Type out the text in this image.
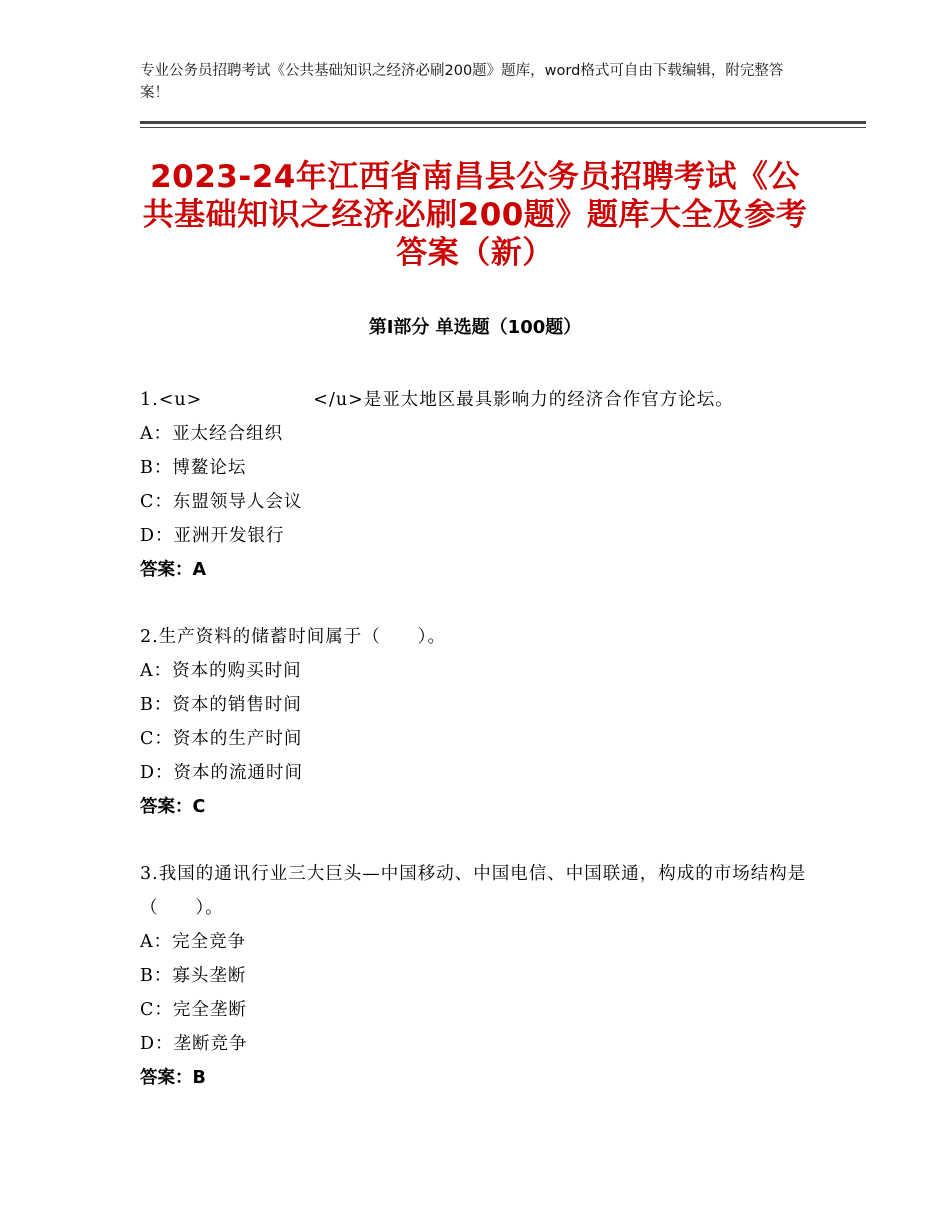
专业公务员招聘考试《公共基础知识之经济必刷200题》题库，word格式可自由下载编辑，附完整答案！
2023-24年江西省南昌县公务员招聘考试《公共基础知识之经济必刷200题》题库大全及参考答案（新）
第Ⅰ部分 单选题（100题）

1.<u>　　　　　　</u>是亚太地区最具影响力的经济合作官方论坛。

A：亚太经合组织

B：博鳌论坛

C：东盟领导人会议

D：亚洲开发银行

答案：A

2.生产资料的储蓄时间属于（　　）。

A：资本的购买时间

B：资本的销售时间

C：资本的生产时间

D：资本的流通时间

答案：C

3.我国的通讯行业三大巨头—中国移动、中国电信、中国联通，构成的市场结构是（　　）。

A：完全竞争

B：寡头垄断

C：完全垄断

D：垄断竞争

答案：B
